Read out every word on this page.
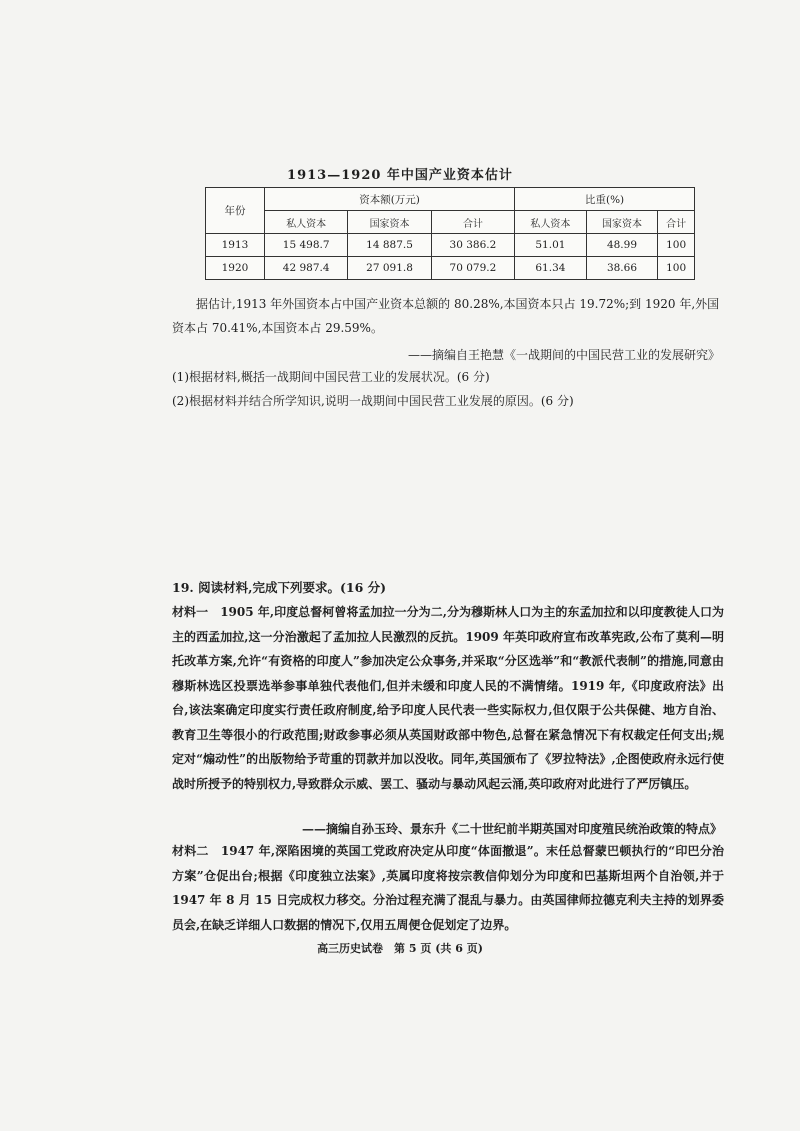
1913—1920 年中国产业资本估计
年份	资本额(万元)			比重(%)		
	私人资本	国家资本	合计	私人资本	国家资本	合计
1913	15 498.7	14 887.5	30 386.2	51.01	48.99	100
1920	42 987.4	27 091.8	70 079.2	61.34	38.66	100
据估计,1913 年外国资本占中国产业资本总额的 80.28%,本国资本只占 19.72%;到 1920 年,外国资本占 70.41%,本国资本占 29.59%。
——摘编自王艳慧《一战期间的中国民营工业的发展研究》
(1)根据材料,概括一战期间中国民营工业的发展状况。(6 分)
(2)根据材料并结合所学知识,说明一战期间中国民营工业发展的原因。(6 分)
19. 阅读材料,完成下列要求。(16 分)
材料一　1905 年,印度总督柯曾将孟加拉一分为二,分为穆斯林人口为主的东孟加拉和以印度教徒人口为主的西孟加拉,这一分治激起了孟加拉人民激烈的反抗。1909 年英印政府宣布改革宪政,公布了莫利—明托改革方案,允许“有资格的印度人”参加决定公众事务,并采取“分区选举”和“教派代表制”的措施,同意由穆斯林选区投票选举参事单独代表他们,但并未缓和印度人民的不满情绪。1919 年,《印度政府法》出台,该法案确定印度实行责任政府制度,给予印度人民代表一些实际权力,但仅限于公共保健、地方自治、教育卫生等很小的行政范围;财政参事必须从英国财政部中物色,总督在紧急情况下有权裁定任何支出;规定对“煽动性”的出版物给予苛重的罚款并加以没收。同年,英国颁布了《罗拉特法》,企图使政府永远行使战时所授予的特别权力,导致群众示威、罢工、骚动与暴动风起云涌,英印政府对此进行了严厉镇压。
——摘编自孙玉玲、景东升《二十世纪前半期英国对印度殖民统治政策的特点》
材料二　1947 年,深陷困境的英国工党政府决定从印度“体面撤退”。末任总督蒙巴顿执行的“印巴分治方案”仓促出台;根据《印度独立法案》,英属印度将按宗教信仰划分为印度和巴基斯坦两个自治领,并于 1947 年 8 月 15 日完成权力移交。分治过程充满了混乱与暴力。由英国律师拉德克利夫主持的划界委员会,在缺乏详细人口数据的情况下,仅用五周便仓促划定了边界。
高三历史试卷　第 5 页 (共 6 页)
